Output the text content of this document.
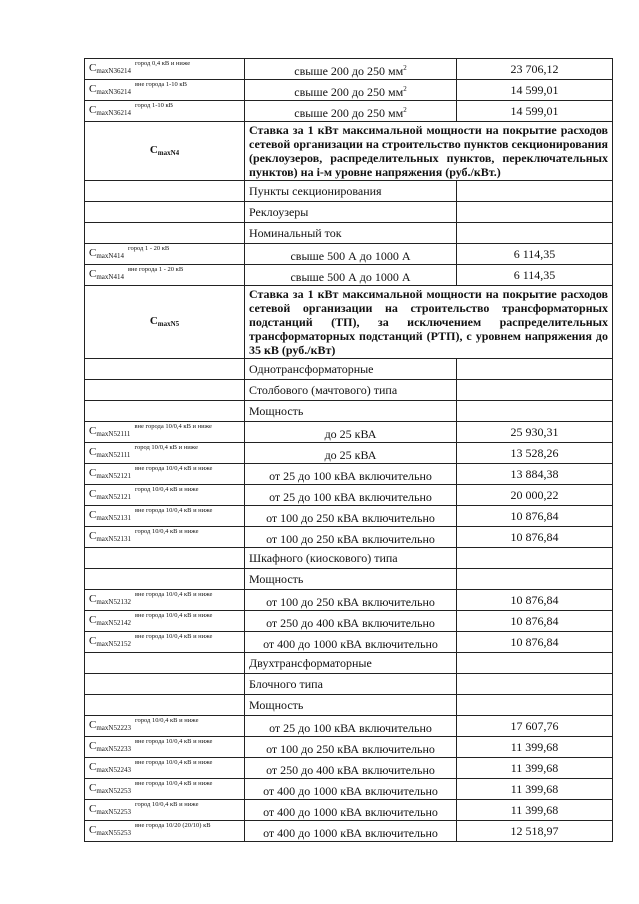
$C_{maxN36214}^{город 0,4 кВ и ниже}$	свыше 200 до 250 $мм^2$	23 706,12
$C_{maxN36214}^{вне города 1-10 кВ}$	свыше 200 до 250 $мм^2$	14 599,01
$C_{maxN36214}^{город 1-10 кВ}$	свыше 200 до 250 $мм^2$	14 599,01
$C_{maxN4}$	Ставка за 1 кВт максимальной мощности на покрытие расходов сетевой организации на строительство пунктов секционирования (реклоузеров, распределительных пунктов, переключательных пунктов) на i-м уровне напряжения (руб./кВт.)	
	Пункты секционирования	
	Реклоузеры	
	Номинальный ток	
$C_{maxN414}^{город 1 - 20 кВ}$	свыше 500 А до 1000 А	6 114,35
$C_{maxN414}^{вне города 1 - 20 кВ}$	свыше 500 А до 1000 А	6 114,35
$C_{maxN5}$	Ставка за 1 кВт максимальной мощности на покрытие расходов сетевой организации на строительство трансформаторных подстанций (ТП), за исключением распределительных трансформаторных подстанций (РТП), с уровнем напряжения до 35 кВ (руб./кВт)	
	Однотрансформаторные	
	Столбового (мачтового) типа	
	Мощность	
$C_{maxN52111}^{вне города 10/0,4 кВ и ниже}$	до 25 кВА	25 930,31
$C_{maxN52111}^{город 10/0,4 кВ и ниже}$	до 25 кВА	13 528,26
$C_{maxN52121}^{вне города 10/0,4 кВ и ниже}$	от 25 до 100 кВА включительно	13 884,38
$C_{maxN52121}^{город 10/0,4 кВ и ниже}$	от 25 до 100 кВА включительно	20 000,22
$C_{maxN52131}^{вне города 10/0,4 кВ и ниже}$	от 100 до 250 кВА включительно	10 876,84
$C_{maxN52131}^{город 10/0,4 кВ и ниже}$	от 100 до 250 кВА включительно	10 876,84
	Шкафного (киоскового) типа	
	Мощность	
$C_{maxN52132}^{вне города 10/0,4 кВ и ниже}$	от 100 до 250 кВА включительно	10 876,84
$C_{maxN52142}^{вне города 10/0,4 кВ и ниже}$	от 250 до 400 кВА включительно	10 876,84
$C_{maxN52152}^{вне города 10/0,4 кВ и ниже}$	от 400 до 1000 кВА включительно	10 876,84
	Двухтрансформаторные	
	Блочного типа	
	Мощность	
$C_{maxN52223}^{город 10/0,4 кВ и ниже}$	от 25 до 100 кВА включительно	17 607,76
$C_{maxN52233}^{вне города 10/0,4 кВ и ниже}$	от 100 до 250 кВА включительно	11 399,68
$C_{maxN52243}^{вне города 10/0,4 кВ и ниже}$	от 250 до 400 кВА включительно	11 399,68
$C_{maxN52253}^{вне города 10/0,4 кВ и ниже}$	от 400 до 1000 кВА включительно	11 399,68
$C_{maxN52253}^{город 10/0,4 кВ и ниже}$	от 400 до 1000 кВА включительно	11 399,68
$C_{maxN55253}^{вне города 10/20 (20/10) кВ}$	от 400 до 1000 кВА включительно	12 518,97
